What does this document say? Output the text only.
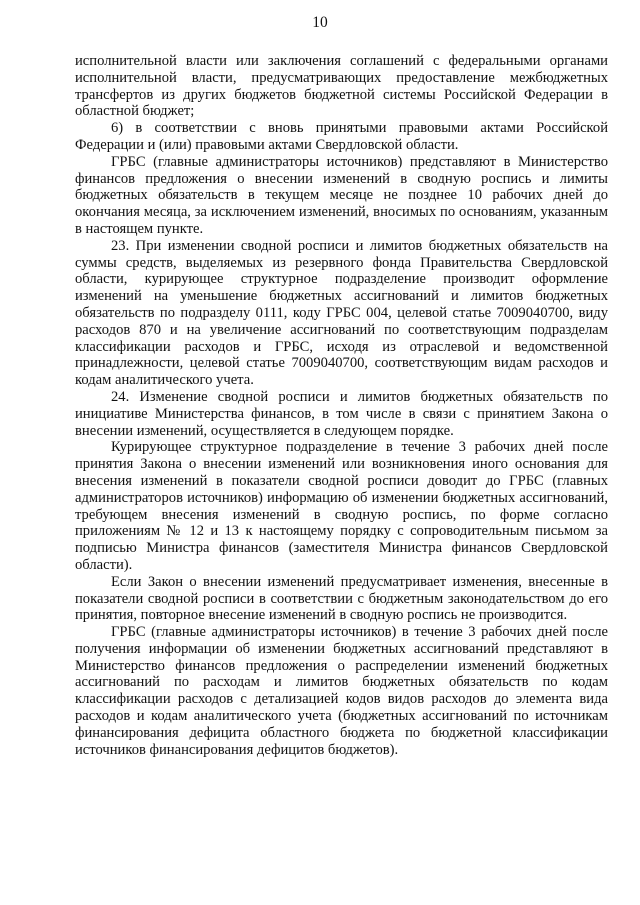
10

исполнительной власти или заключения соглашений с федеральными органами исполнительной власти, предусматривающих предоставление межбюджетных трансфертов из других бюджетов бюджетной системы Российской Федерации в областной бюджет;

6) в соответствии с вновь принятыми правовыми актами Российской Федерации и (или) правовыми актами Свердловской области.

ГРБС (главные администраторы источников) представляют в Министерство финансов предложения о внесении изменений в сводную роспись и лимиты бюджетных обязательств в текущем месяце не позднее 10 рабочих дней до окончания месяца, за исключением изменений, вносимых по основаниям, указанным в настоящем пункте.

23. При изменении сводной росписи и лимитов бюджетных обязательств на суммы средств, выделяемых из резервного фонда Правительства Свердловской области, курирующее структурное подразделение производит оформление изменений на уменьшение бюджетных ассигнований и лимитов бюджетных обязательств по подразделу 0111, коду ГРБС 004, целевой статье 7009040700, виду расходов 870 и на увеличение ассигнований по соответствующим подразделам классификации расходов и ГРБС, исходя из отраслевой и ведомственной принадлежности, целевой статье 7009040700, соответствующим видам расходов и кодам аналитического учета.

24. Изменение сводной росписи и лимитов бюджетных обязательств по инициативе Министерства финансов, в том числе в связи с принятием Закона о внесении изменений, осуществляется в следующем порядке.

Курирующее структурное подразделение в течение 3 рабочих дней после принятия Закона о внесении изменений или возникновения иного основания для внесения изменений в показатели сводной росписи доводит до ГРБС (главных администраторов источников) информацию об изменении бюджетных ассигнований, требующем внесения изменений в сводную роспись, по форме согласно приложениям № 12 и 13 к настоящему порядку с сопроводительным письмом за подписью Министра финансов (заместителя Министра финансов Свердловской области).

Если Закон о внесении изменений предусматривает изменения, внесенные в показатели сводной росписи в соответствии с бюджетным законодательством до его принятия, повторное внесение изменений в сводную роспись не производится.

ГРБС (главные администраторы источников) в течение 3 рабочих дней после получения информации об изменении бюджетных ассигнований представляют в Министерство финансов предложения о распределении изменений бюджетных ассигнований по расходам и лимитов бюджетных обязательств по кодам классификации расходов с детализацией кодов видов расходов до элемента вида расходов и кодам аналитического учета (бюджетных ассигнований по источникам финансирования дефицита областного бюджета по бюджетной классификации источников финансирования дефицитов бюджетов).
